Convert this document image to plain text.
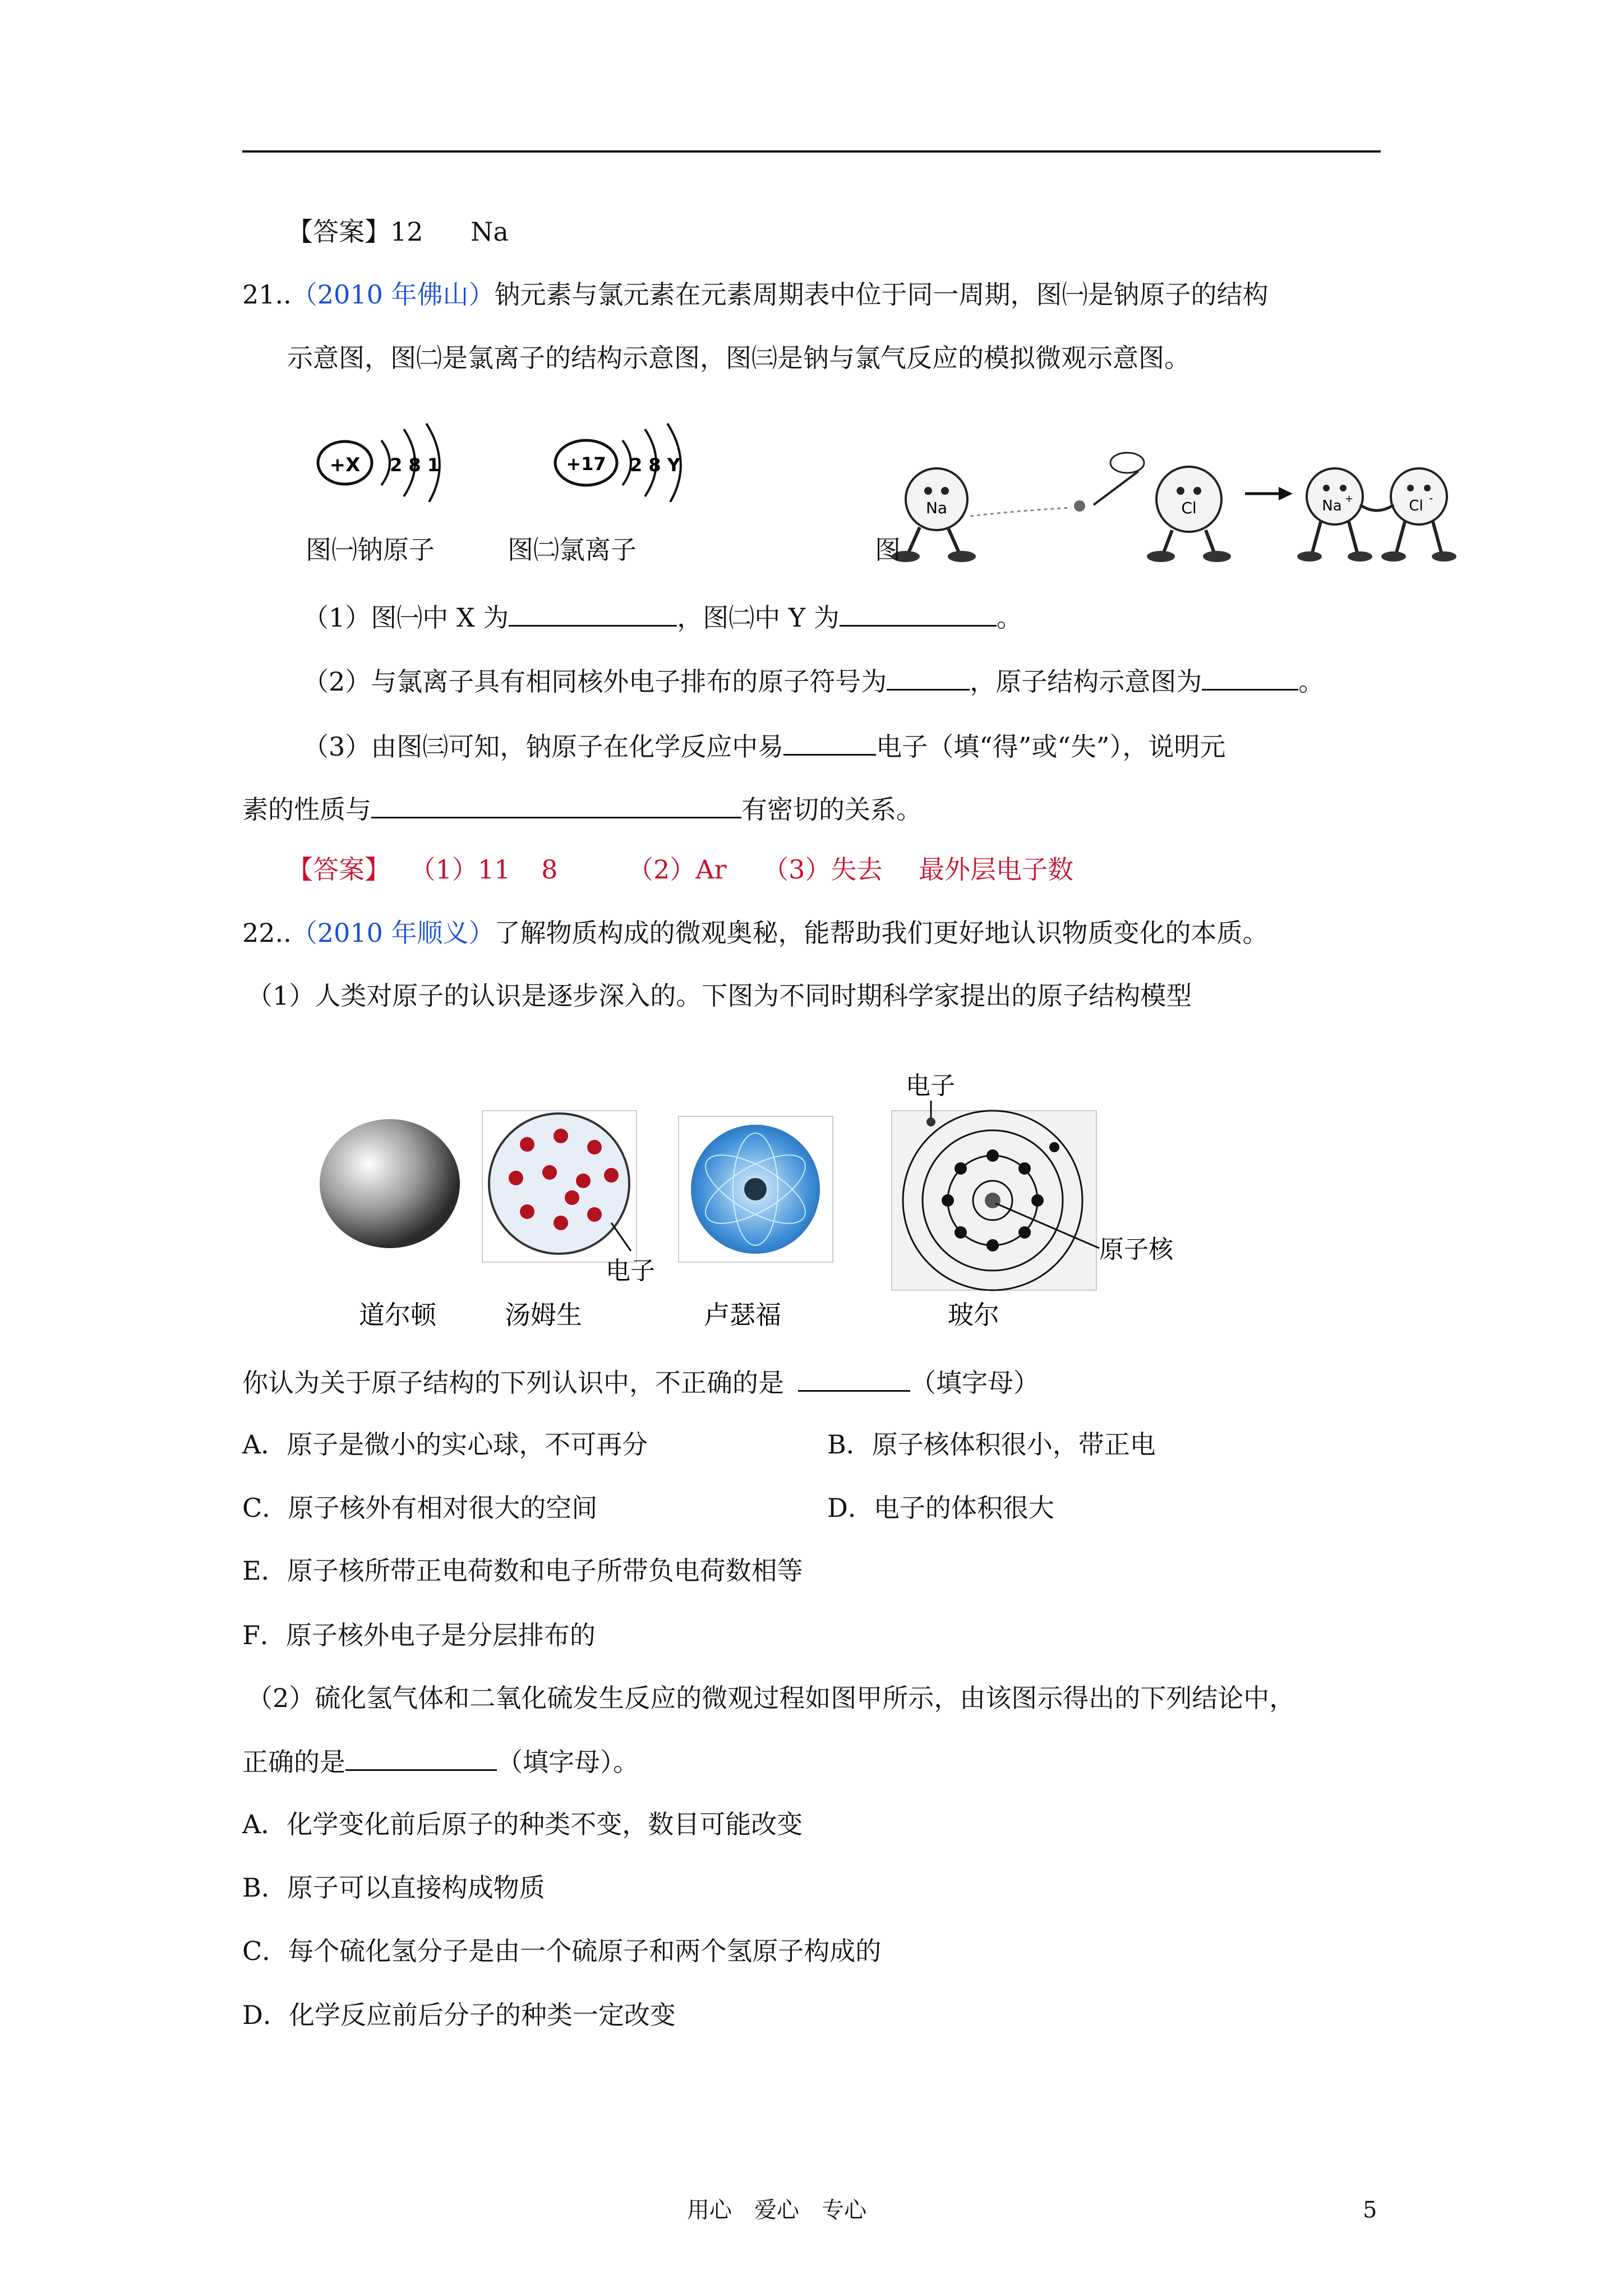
【答案】12 Na
21..（2010 年佛山）钠元素与氯元素在元素周期表中位于同一周期，图㈠是钠原子的结构
示意图，图㈡是氯离子的结构示意图，图㈢是钠与氯气反应的模拟微观示意图。
+X 2 8 1
图㈠钠原子
+17 2 8 Y
图㈡氯离子
Na	Cl	Na +	Cl -
图
（1）图㈠中 X 为	，图㈡中 Y 为	。
（2）与氯离子具有相同核外电子排布的原子符号为	，原子结构示意图为	。
（3）由图㈢可知，钠原子在化学反应中易	电子（填“得”或“失”），说明元
素的性质与	有密切的关系。
【答案】 （1）11 8	（2）Ar （3）失去 最外层电子数
22..（2010 年顺义）了解物质构成的微观奥秘，能帮助我们更好地认识物质变化的本质。
（1）人类对原子的认识是逐步深入的。下图为不同时期科学家提出的原子结构模型
电子
电子
原子核
道尔顿	汤姆生	卢瑟福	玻尔
你认为关于原子结构的下列认识中，不正确的是	（填字母）
A．原子是微小的实心球，不可再分	B．原子核体积很小，带正电
C．原子核外有相对很大的空间	D．电子的体积很大
E．原子核所带正电荷数和电子所带负电荷数相等
F．原子核外电子是分层排布的
（2）硫化氢气体和二氧化硫发生反应的微观过程如图甲所示，由该图示得出的下列结论中，
正确的是	（填字母）。
A．化学变化前后原子的种类不变，数目可能改变
B．原子可以直接构成物质
C．每个硫化氢分子是由一个硫原子和两个氢原子构成的
D．化学反应前后分子的种类一定改变
用心　爱心　专心	5
